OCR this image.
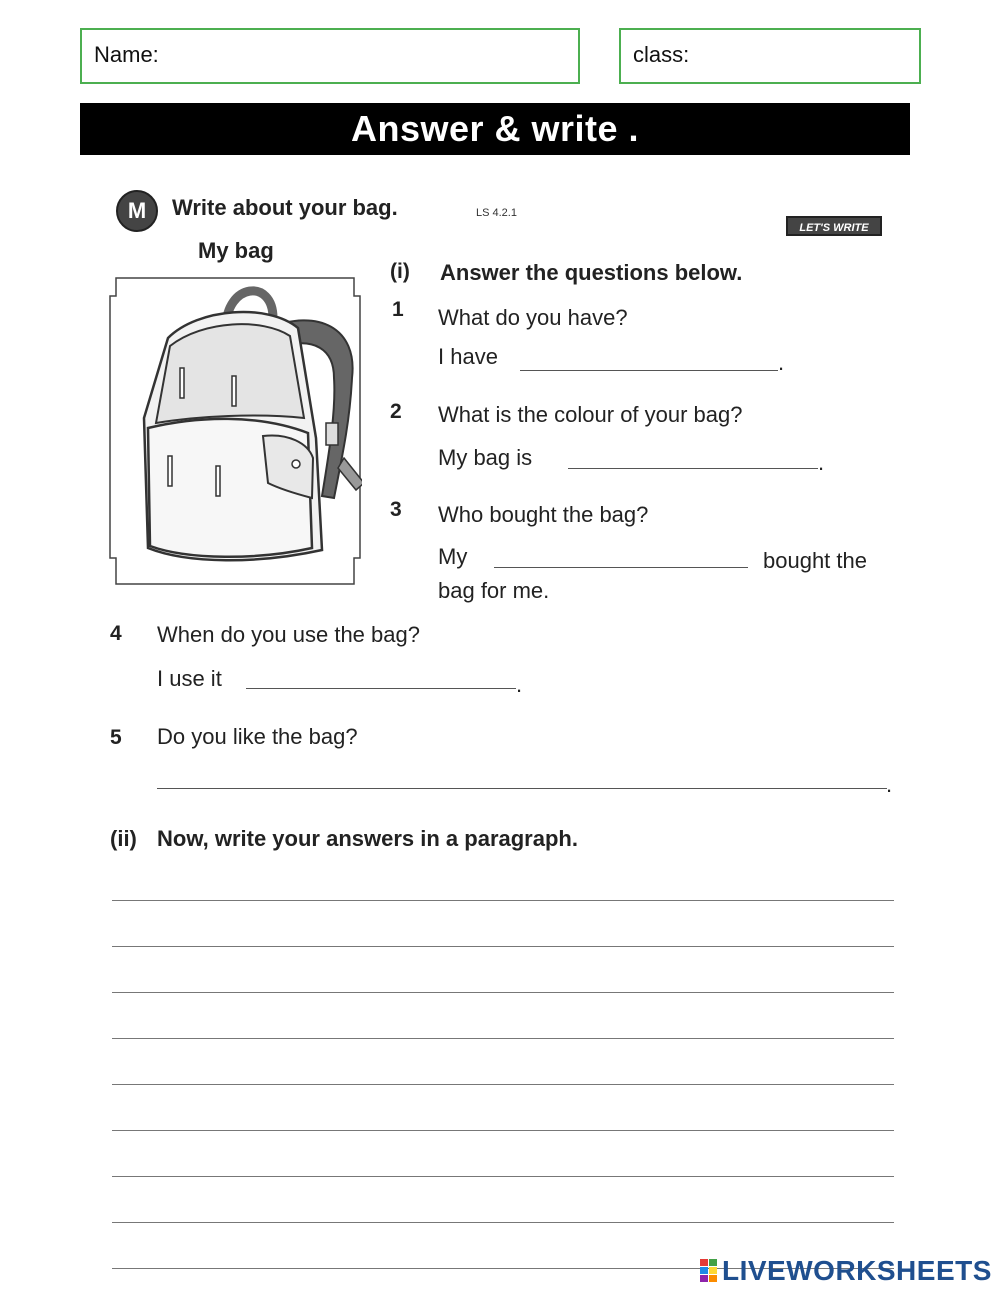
Name:	class:
Answer & write .
M	Write about your bag.	LS 4.2.1
LET'S WRITE
My bag
(i) Answer the questions below.
1 What do you have?
I have	.
2 What is the colour of your bag?
My bag is	.
3 Who bought the bag?
My	bought the
bag for me.
4 When do you use the bag?
I use it	.
5 Do you like the bag?
.
(ii) Now, write your answers in a paragraph.
LIVEWORKSHEETS
